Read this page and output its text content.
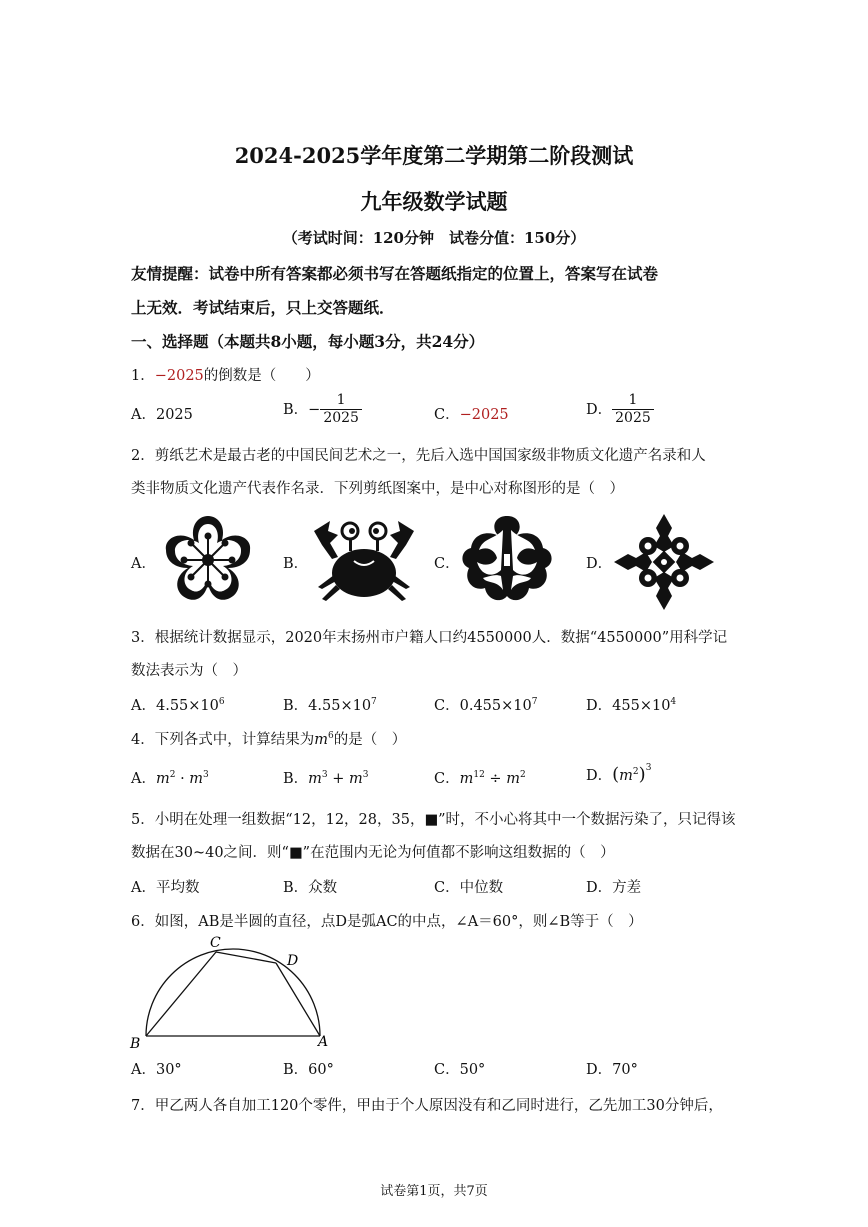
2024-2025学年度第二学期第二阶段测试
九年级数学试题
（考试时间：120分钟　试卷分值：150分）
友情提醒：试卷中所有答案都必须书写在答题纸指定的位置上，答案写在试卷
上无效．考试结束后，只上交答题纸．
一、选择题（本题共8小题，每小题3分，共24分）
1．−2025的倒数是（　　）
A．2025	B．− $\frac{1}{2025}$	C．−2025	D． $\frac{1}{2025}$
2．剪纸艺术是最古老的中国民间艺术之一，先后入选中国国家级非物质文化遗产名录和人
类非物质文化遗产代表作名录．下列剪纸图案中，是中心对称图形的是（　）
A．	B．	C．	D．
3．根据统计数据显示，2020年末扬州市户籍人口约4550000人．数据“4550000”用科学记
数法表示为（　）
A．$4.55\times 10^6$	B．$4.55\times 10^7$	C．$0.455\times 10^7$	D．$455\times 10^4$
4．下列各式中，计算结果为$m^6$的是（　）
A．$m^2 \cdot m^3$	B．$m^3 + m^3$	C．$m^{12} \div m^2$	D．$(m^2)^3$
5．小明在处理一组数据“12，12，28，35，■”时，不小心将其中一个数据污染了，只记得该
数据在30~40之间．则“■”在范围内无论为何值都不影响这组数据的（　）
A．平均数	B．众数	C．中位数	D．方差
6．如图，AB是半圆的直径，点D是弧AC的中点，∠A＝60°，则∠B等于（　）
C
D
B	A
A．30°	B．60°	C．50°	D．70°
7．甲乙两人各自加工120个零件，甲由于个人原因没有和乙同时进行，乙先加工30分钟后，
试卷第1页，共7页
